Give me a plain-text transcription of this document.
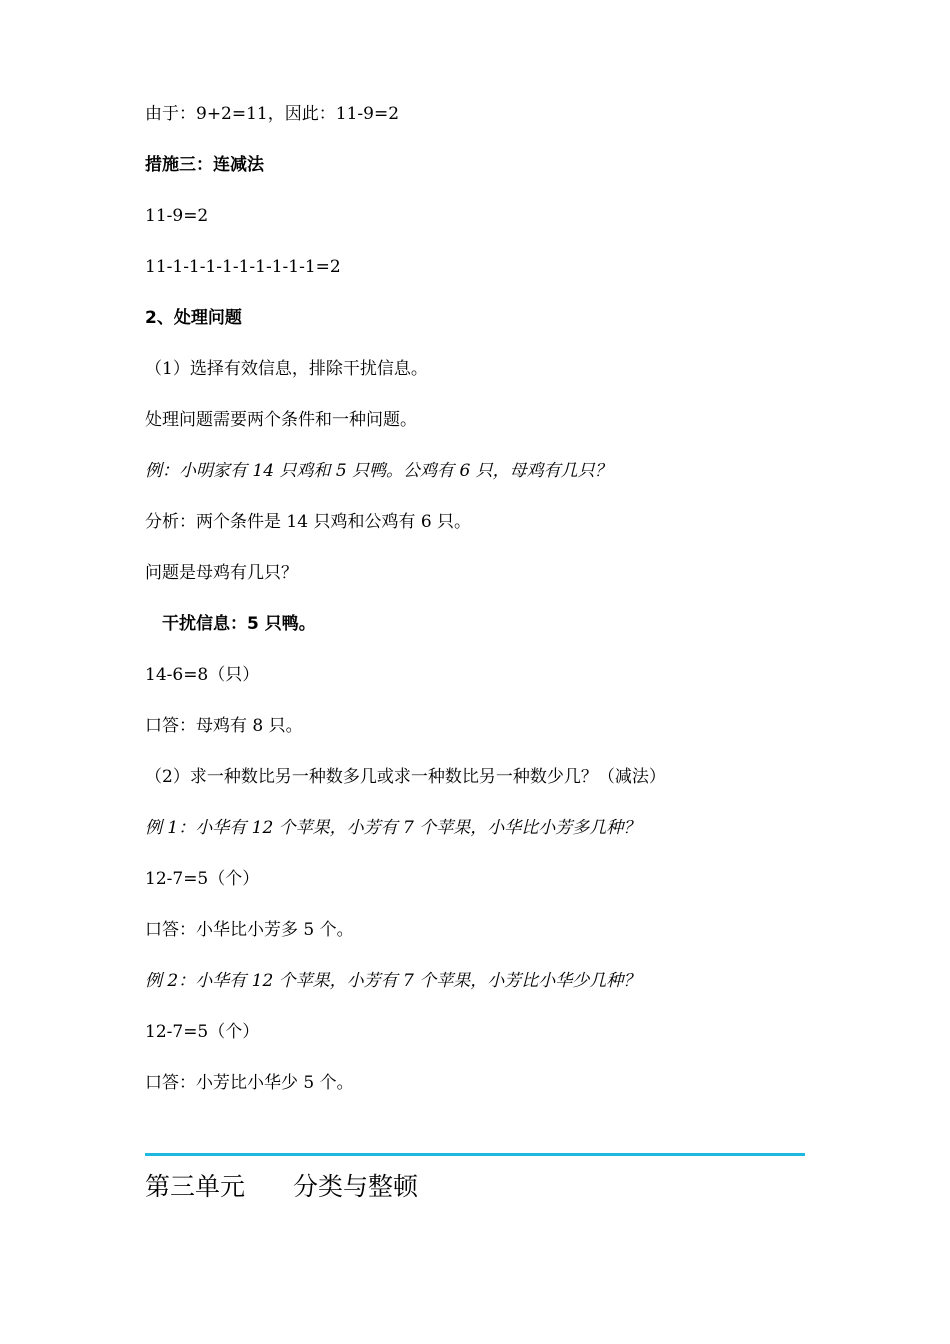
由于：9+2=11，因此：11-9=2
措施三：连减法
11-9=2
11-1-1-1-1-1-1-1-1-1=2
2、处理问题
（1）选择有效信息，排除干扰信息。
处理问题需要两个条件和一种问题。
例：小明家有 14 只鸡和 5 只鸭。公鸡有 6 只，母鸡有几只？
分析：两个条件是 14 只鸡和公鸡有 6 只。
问题是母鸡有几只？
干扰信息：5 只鸭。
14-6=8（只）
口答：母鸡有 8 只。
（2）求一种数比另一种数多几或求一种数比另一种数少几？（减法）
例 1：小华有 12 个苹果，小芳有 7 个苹果，小华比小芳多几种？
12-7=5（个）
口答：小华比小芳多 5 个。
例 2：小华有 12 个苹果，小芳有 7 个苹果，小芳比小华少几种？
12-7=5（个）
口答：小芳比小华少 5 个。
第三单元 分类与整顿
